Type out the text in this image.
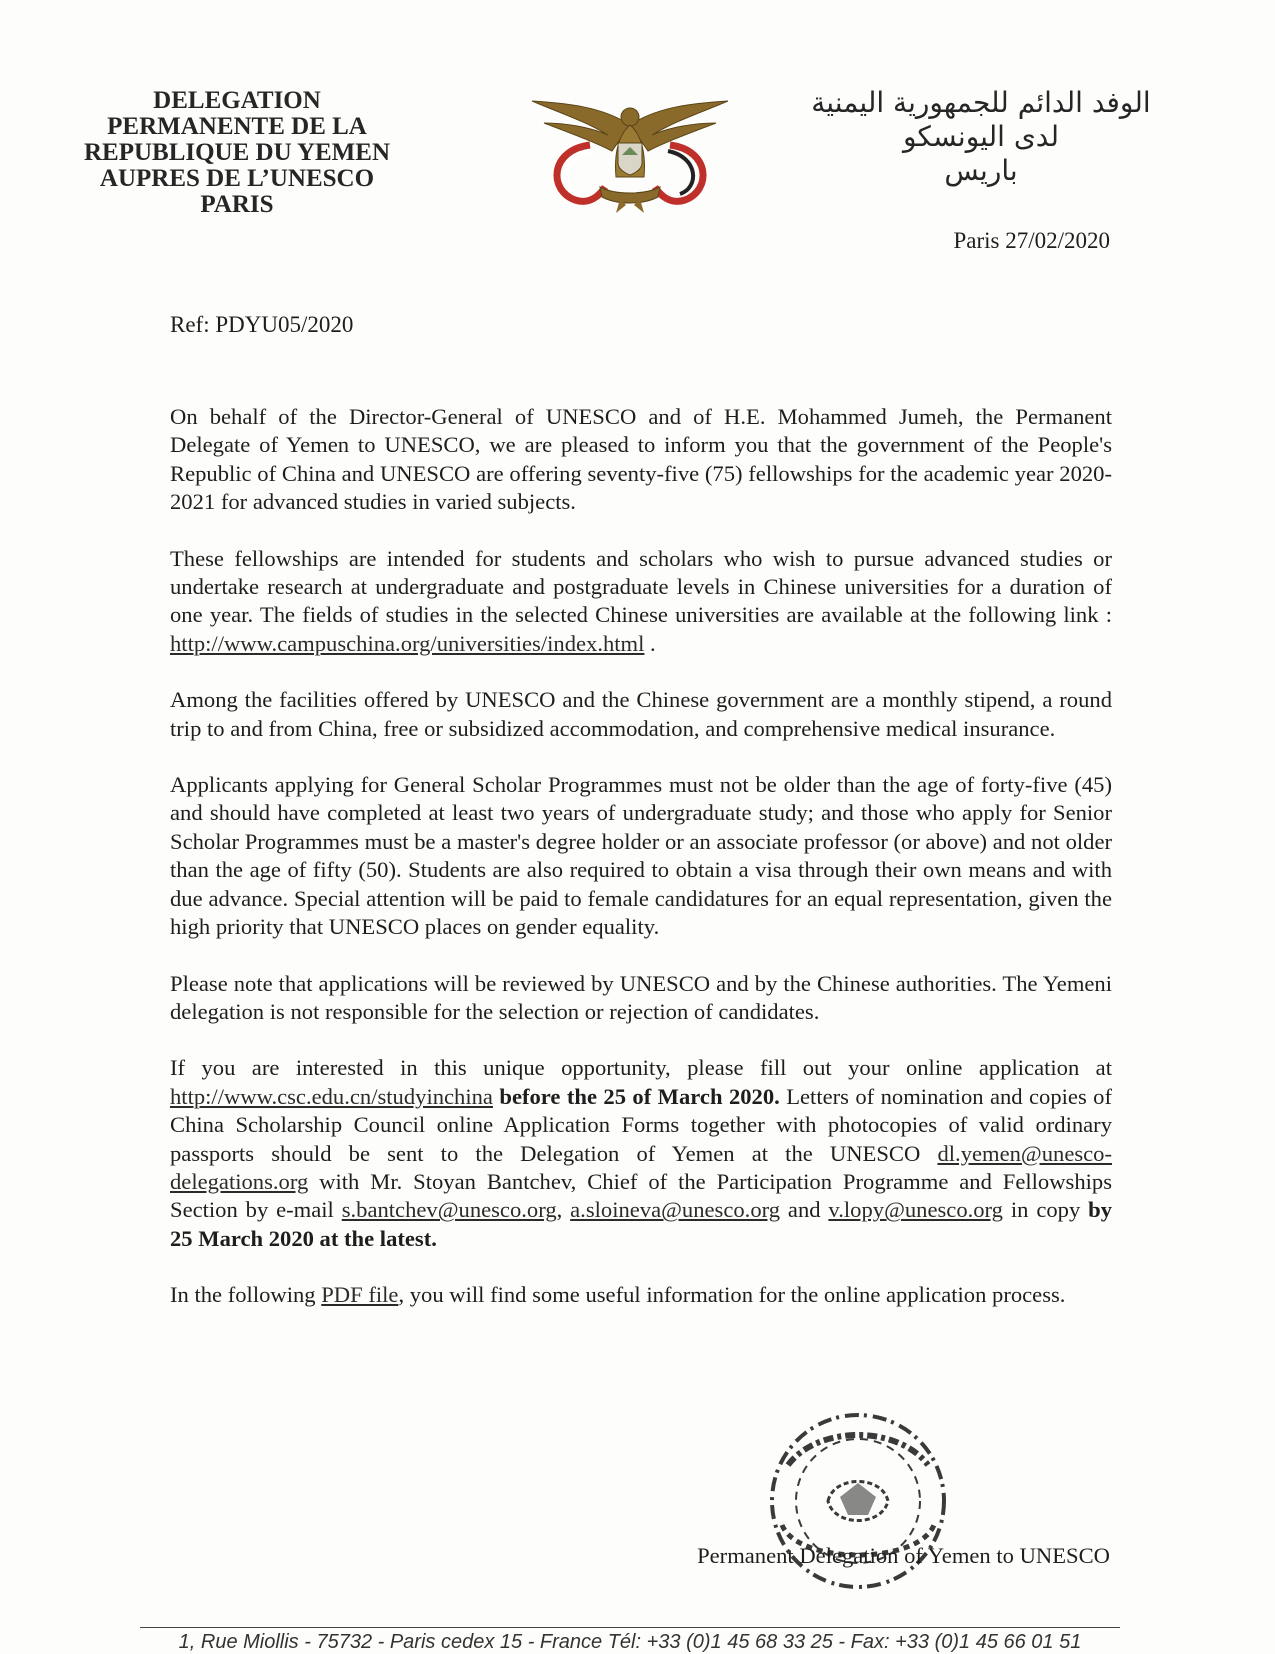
DELEGATION
PERMANENTE DE LA
REPUBLIQUE DU YEMEN
AUPRES DE L’UNESCO
PARIS
الوفد الدائم للجمهورية اليمنية
لدى اليونسكو
باريس
Paris 27/02/2020
Ref: PDYU05/2020

On behalf of the Director-General of UNESCO and of H.E. Mohammed Jumeh, the Permanent Delegate of Yemen to UNESCO, we are pleased to inform you that the government of the People's Republic of China and UNESCO are offering seventy-five (75) fellowships for the academic year 2020-2021 for advanced studies in varied subjects.

These fellowships are intended for students and scholars who wish to pursue advanced studies or undertake research at undergraduate and postgraduate levels in Chinese universities for a duration of one year. The fields of studies in the selected Chinese universities are available at the following link : http://www.campuschina.org/universities/index.html .

Among the facilities offered by UNESCO and the Chinese government are a monthly stipend, a round trip to and from China, free or subsidized accommodation, and comprehensive medical insurance.

Applicants applying for General Scholar Programmes must not be older than the age of forty-five (45) and should have completed at least two years of undergraduate study; and those who apply for Senior Scholar Programmes must be a master's degree holder or an associate professor (or above) and not older than the age of fifty (50). Students are also required to obtain a visa through their own means and with due advance. Special attention will be paid to female candidatures for an equal representation, given the high priority that UNESCO places on gender equality.

Please note that applications will be reviewed by UNESCO and by the Chinese authorities. The Yemeni delegation is not responsible for the selection or rejection of candidates.

If you are interested in this unique opportunity, please fill out your online application at http://www.csc.edu.cn/studyinchina before the 25 of March 2020. Letters of nomination and copies of China Scholarship Council online Application Forms together with photocopies of valid ordinary passports should be sent to the Delegation of Yemen at the UNESCO dl.yemen@unesco-delegations.org with Mr. Stoyan Bantchev, Chief of the Participation Programme and Fellowships Section by e-mail s.bantchev@unesco.org, a.sloineva@unesco.org and v.lopy@unesco.org in copy by 25 March 2020 at the latest.

In the following PDF file, you will find some useful information for the online application process.

Permanent Delegation of Yemen to UNESCO
1, Rue Miollis - 75732 - Paris cedex 15 - France Tél: +33 (0)1 45 68 33 25 - Fax: +33 (0)1 45 66 01 51
